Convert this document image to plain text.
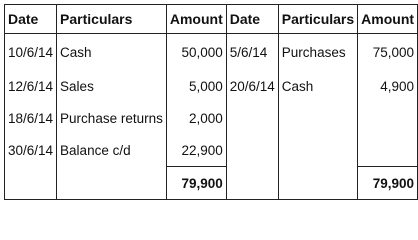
Date	Particulars	Amount	Date	Particulars	Amount
10/6/14	Cash	50,000	5/6/14	Purchases	75,000
12/6/14	Sales	5,000	20/6/14	Cash	4,900
18/6/14	Purchase returns	2,000			
30/6/14	Balance c/d	22,900			
		79,900			79,900
